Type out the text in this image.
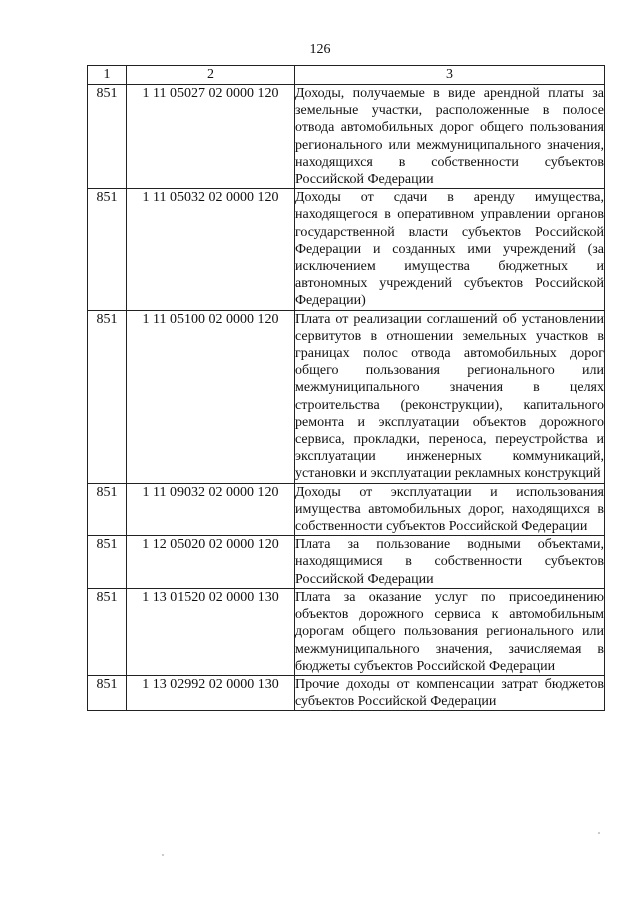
126
1	2	3
851	1 11 05027 02 0000 120	Доходы, получаемые в виде арендной платы за земельные участки, расположенные в полосе отвода автомобильных дорог общего пользования регионального или межмуниципального значения, находящихся в собственности субъектов Российской Федерации
851	1 11 05032 02 0000 120	Доходы от сдачи в аренду имущества, находящегося в оперативном управлении органов государственной власти субъектов Российской Федерации и созданных ими учреждений (за исключением имущества бюджетных и автономных учреждений субъектов Российской Федерации)
851	1 11 05100 02 0000 120	Плата от реализации соглашений об установлении сервитутов в отношении земельных участков в границах полос отвода автомобильных дорог общего пользования регионального или межмуниципального значения в целях строительства (реконструкции), капитального ремонта и эксплуатации объектов дорожного сервиса, прокладки, переноса, переустройства и эксплуатации инженерных коммуникаций, установки и эксплуатации рекламных конструкций
851	1 11 09032 02 0000 120	Доходы от эксплуатации и использования имущества автомобильных дорог, находящихся в собственности субъектов Российской Федерации
851	1 12 05020 02 0000 120	Плата за пользование водными объектами, находящимися в собственности субъектов Российской Федерации
851	1 13 01520 02 0000 130	Плата за оказание услуг по присоединению объектов дорожного сервиса к автомобильным дорогам общего пользования регионального или межмуниципального значения, зачисляемая в бюджеты субъектов Российской Федерации
851	1 13 02992 02 0000 130	Прочие доходы от компенсации затрат бюджетов субъектов Российской Федерации
